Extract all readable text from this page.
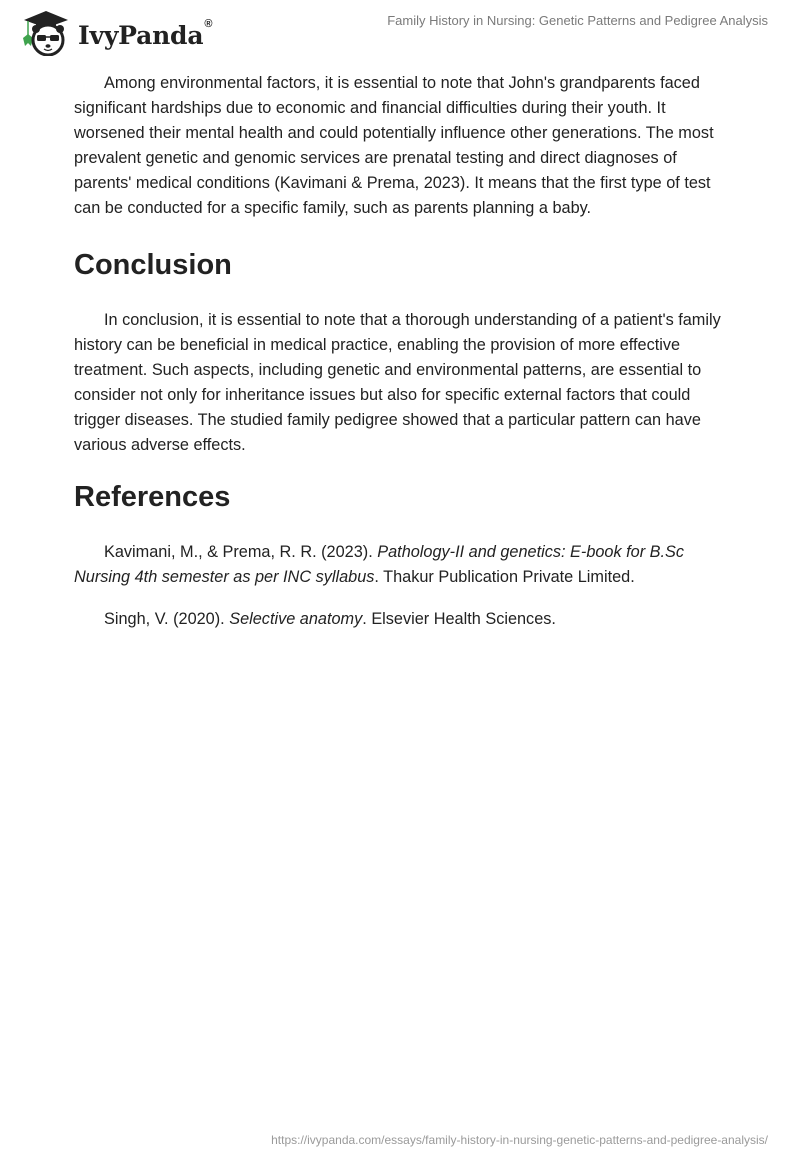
IvyPanda®	Family History in Nursing: Genetic Patterns and Pedigree Analysis

Among environmental factors, it is essential to note that John's grandparents faced significant hardships due to economic and financial difficulties during their youth. It worsened their mental health and could potentially influence other generations. The most prevalent genetic and genomic services are prenatal testing and direct diagnoses of parents' medical conditions (Kavimani & Prema, 2023). It means that the first type of test can be conducted for a specific family, such as parents planning a baby.

Conclusion

In conclusion, it is essential to note that a thorough understanding of a patient's family history can be beneficial in medical practice, enabling the provision of more effective treatment. Such aspects, including genetic and environmental patterns, are essential to consider not only for inheritance issues but also for specific external factors that could trigger diseases. The studied family pedigree showed that a particular pattern can have various adverse effects.

References

Kavimani, M., & Prema, R. R. (2023). Pathology-II and genetics: E-book for B.Sc Nursing 4th semester as per INC syllabus. Thakur Publication Private Limited.

Singh, V. (2020). Selective anatomy. Elsevier Health Sciences.

https://ivypanda.com/essays/family-history-in-nursing-genetic-patterns-and-pedigree-analysis/
